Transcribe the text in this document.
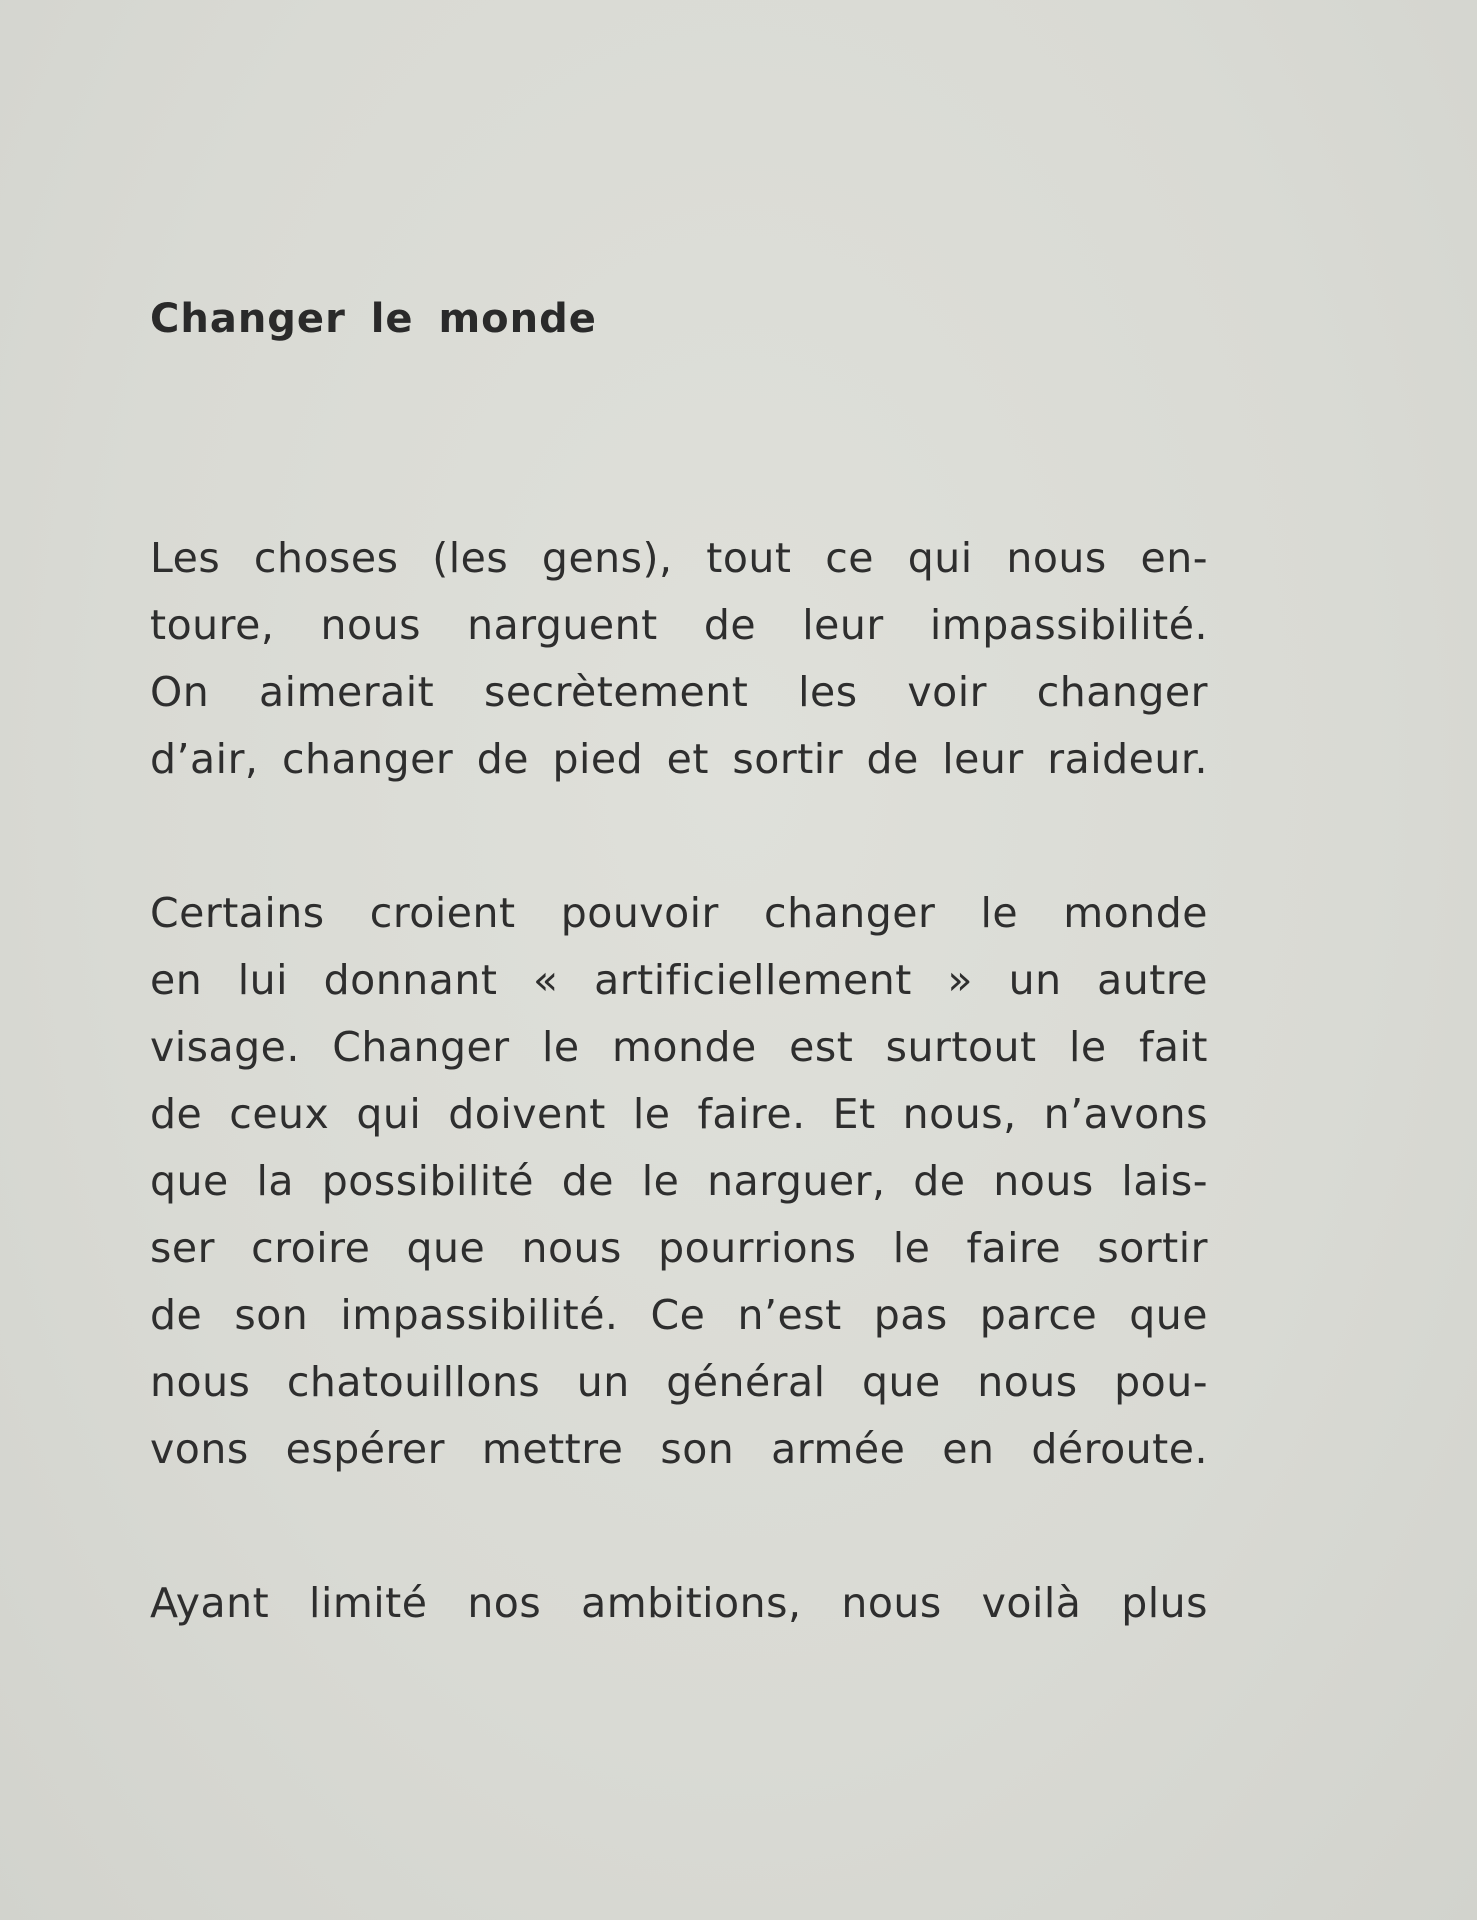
Changer le monde
Les choses (les gens), tout ce qui nous en-
toure, nous narguent de leur impassibilité.
On aimerait secrètement les voir changer
d’air, changer de pied et sortir de leur raideur.
Certains croient pouvoir changer le monde
en lui donnant « artificiellement » un autre
visage. Changer le monde est surtout le fait
de ceux qui doivent le faire. Et nous, n’avons
que la possibilité de le narguer, de nous lais-
ser croire que nous pourrions le faire sortir
de son impassibilité. Ce n’est pas parce que
nous chatouillons un général que nous pou-
vons espérer mettre son armée en déroute.
Ayant limité nos ambitions, nous voilà plus
